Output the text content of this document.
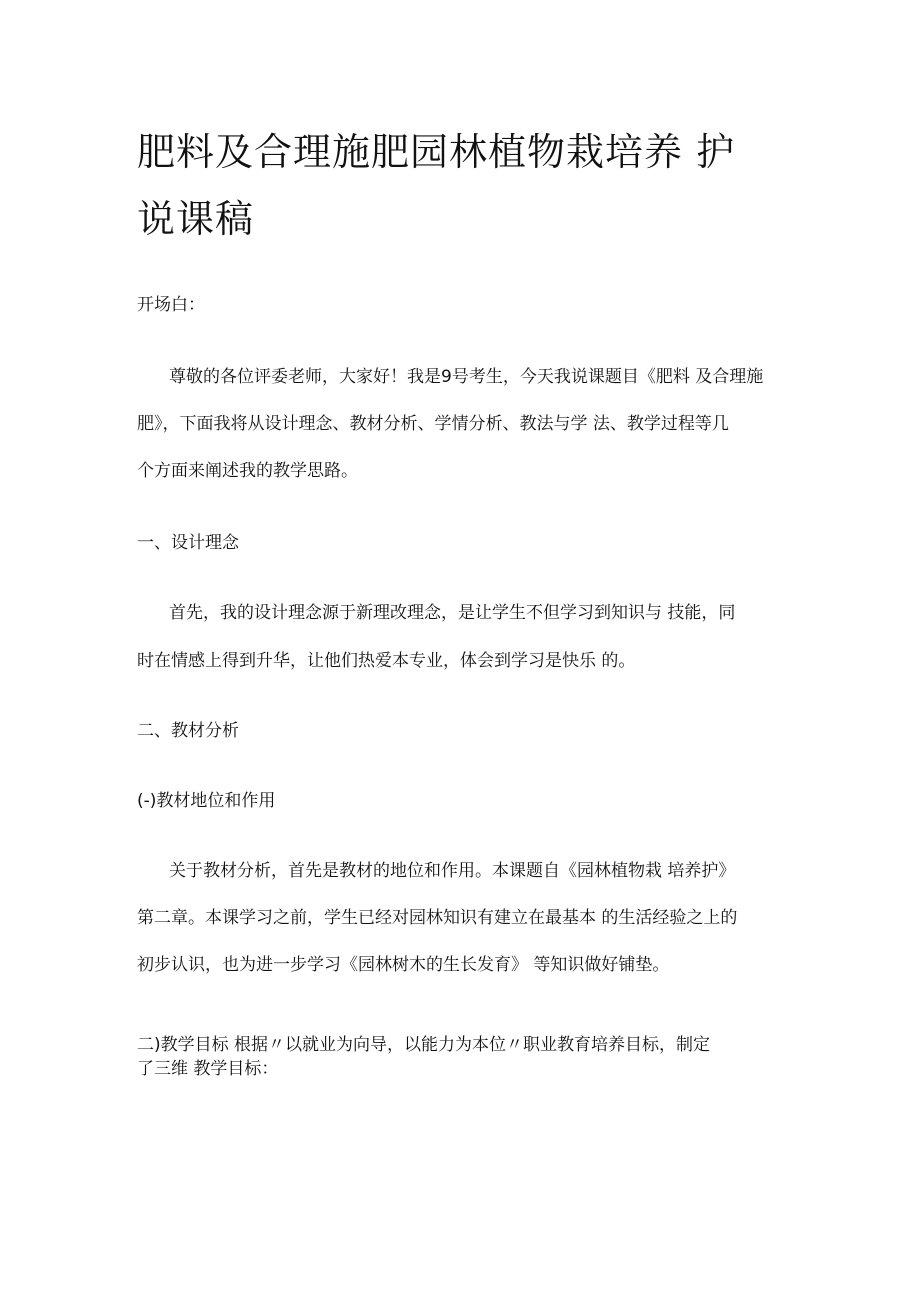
肥料及合理施肥园林植物栽培养 护
说课稿

开场白：

尊敬的各位评委老师，大家好！我是9号考生，今天我说课题目《肥料 及合理施

肥》，下面我将从设计理念、教材分析、学情分析、教法与学 法、教学过程等几

个方面来阐述我的教学思路。

一、设计理念

首先，我的设计理念源于新理改理念，是让学生不但学习到知识与 技能，同

时在情感上得到升华，让他们热爱本专业，体会到学习是快乐 的。

二、教材分析

(-)教材地位和作用

关于教材分析，首先是教材的地位和作用。本课题自《园林植物栽 培养护》

第二章。本课学习之前，学生已经对园林知识有建立在最基本 的生活经验之上的

初步认识，也为进一步学习《园林树木的生长发育》 等知识做好铺垫。

二)教学目标 根据〃以就业为向导，以能力为本位〃职业教育培养目标，制定

了三维 教学目标：
